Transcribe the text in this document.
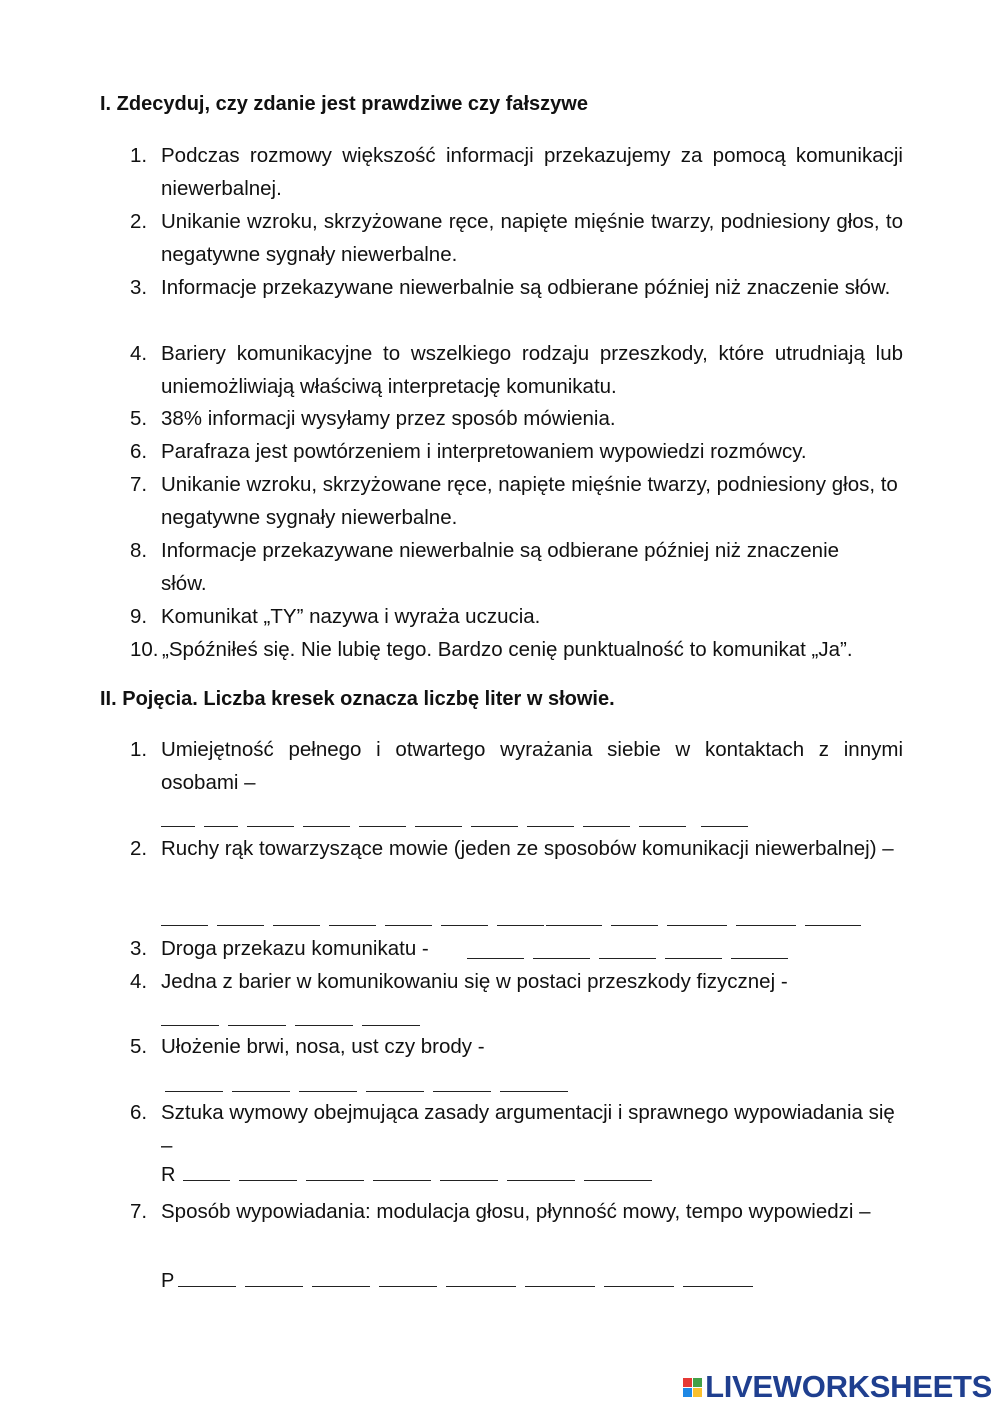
I. Zdecyduj, czy zdanie jest prawdziwe czy fałszywe
1. Podczas rozmowy większość informacji przekazujemy za pomocą komunikacji niewerbalnej.
2. Unikanie wzroku, skrzyżowane ręce, napięte mięśnie twarzy, podniesiony głos, to negatywne sygnały niewerbalne.
3. Informacje przekazywane niewerbalnie są odbierane później niż znaczenie słów.
4. Bariery komunikacyjne to wszelkiego rodzaju przeszkody, które utrudniają lub uniemożliwiają właściwą interpretację komunikatu.
5. 38% informacji wysyłamy przez sposób mówienia.
6. Parafraza jest powtórzeniem i interpretowaniem wypowiedzi rozmówcy.
7. Unikanie wzroku, skrzyżowane ręce, napięte mięśnie twarzy, podniesiony głos, to negatywne sygnały niewerbalne.
8. Informacje przekazywane niewerbalnie są odbierane później niż znaczenie słów.
9. Komunikat „TY” nazywa i wyraża uczucia.
10. „Spóźniłeś się. Nie lubię tego. Bardzo cenię punktualność to komunikat „Ja”.
II. Pojęcia. Liczba kresek oznacza liczbę liter w słowie.
1. Umiejętność pełnego i otwartego wyrażania siebie w kontaktach z innymi osobami –
2. Ruchy rąk towarzyszące mowie (jeden ze sposobów komunikacji niewerbalnej) –
3. Droga przekazu komunikatu -
4. Jedna z barier w komunikowaniu się w postaci przeszkody fizycznej -
5. Ułożenie brwi, nosa, ust czy brody -
6. Sztuka wymowy obejmująca zasady argumentacji i sprawnego wypowiadania się –
R
7. Sposób wypowiadania: modulacja głosu, płynność mowy, tempo wypowiedzi –
P
LIVEWORKSHEETS
